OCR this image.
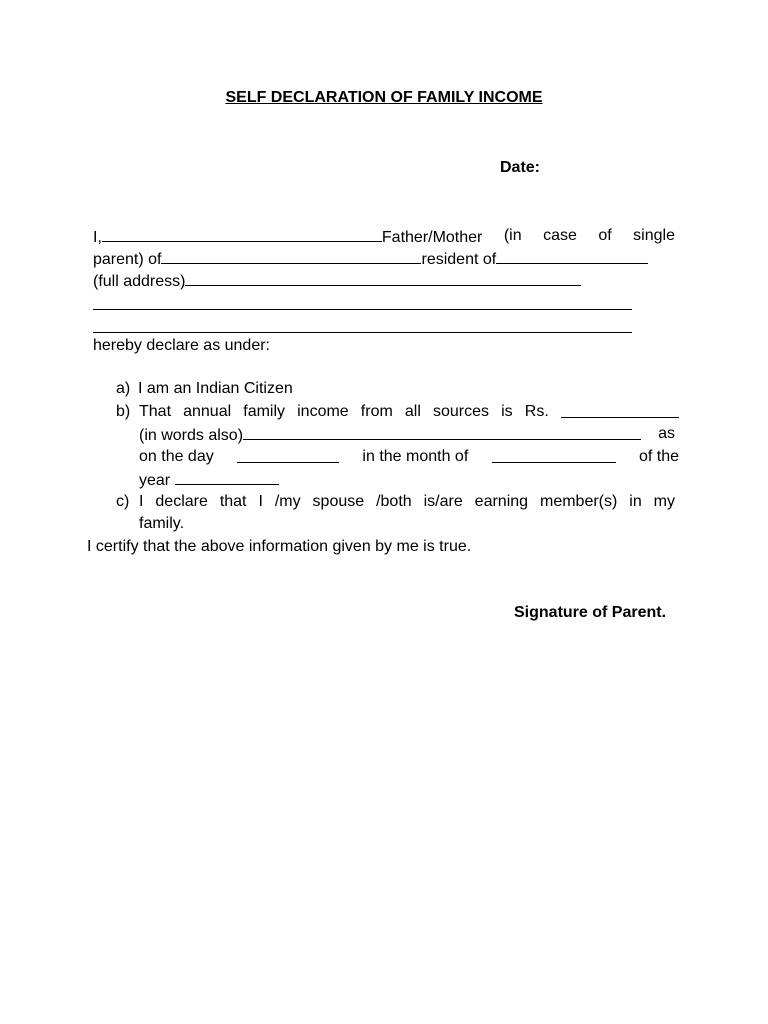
SELF DECLARATION OF FAMILY INCOME
Date:
I,	Father/Mother (in case of single
parent) of	resident of
(full address)
hereby declare as under:
a) I am an Indian Citizen
b) That annual family income from all sources is Rs.
(in words also)	as
on the day	in the month of	of the
year
c) I declare that I /my spouse /both is/are earning member(s) in my
family.
I certify that the above information given by me is true.
Signature of Parent.
